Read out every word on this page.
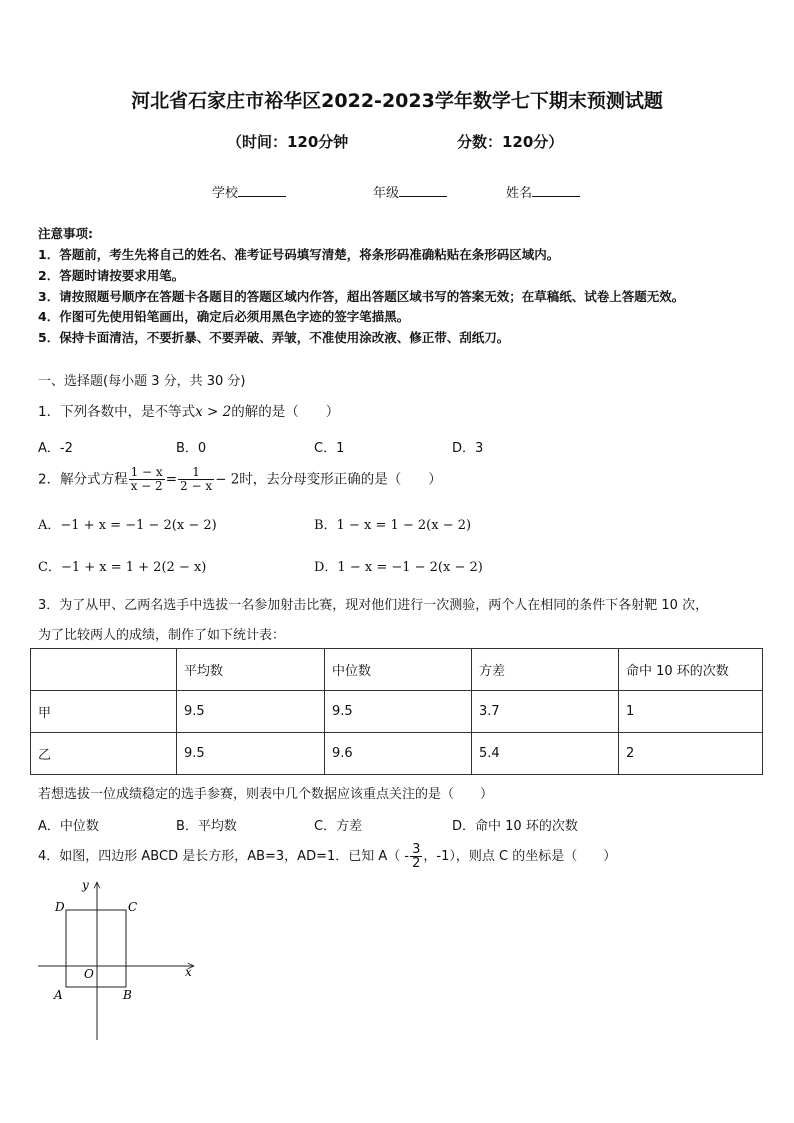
河北省石家庄市裕华区2022-2023学年数学七下期末预测试题
（时间：120分钟	分数：120分）
学校	年级	姓名
注意事项:
1．答题前，考生先将自己的姓名、准考证号码填写清楚，将条形码准确粘贴在条形码区域内。
2．答题时请按要求用笔。
3．请按照题号顺序在答题卡各题目的答题区域内作答，超出答题区域书写的答案无效；在草稿纸、试卷上答题无效。
4．作图可先使用铅笔画出，确定后必须用黑色字迹的签字笔描黑。
5．保持卡面清洁，不要折暴、不要弄破、弄皱，不准使用涂改液、修正带、刮纸刀。
一、选择题(每小题 3 分，共 30 分)
1．下列各数中，是不等式x > 2的解的是（　　）
A．-2	B．0	C．1	D．3
2．解分式方程 $\frac{1 - x}{x - 2} = \frac{1}{2 - x} - 2$时，去分母变形正确的是（　　）
A．−1 + x = −1 − 2(x − 2)	B．1 − x = 1 − 2(x − 2)
C．−1 + x = 1 + 2(2 − x)	D．1 − x = −1 − 2(x − 2)
3．为了从甲、乙两名选手中选拔一名参加射击比赛，现对他们进行一次测验，两个人在相同的条件下各射靶 10 次，
为了比较两人的成绩，制作了如下统计表：
	平均数	中位数	方差	命中 10 环的次数
甲	9.5	9.5	3.7	1
乙	9.5	9.6	5.4	2
若想选拔一位成绩稳定的选手参赛，则表中几个数据应该重点关注的是（　　）
A．中位数	B．平均数	C．方差	D．命中 10 环的次数
4．如图，四边形 ABCD 是长方形，AB=3，AD=1．已知 $A( - \frac{3}{2}$ ，-1），则点 C 的坐标是（　　）
y
x
O
A	B
C
D
